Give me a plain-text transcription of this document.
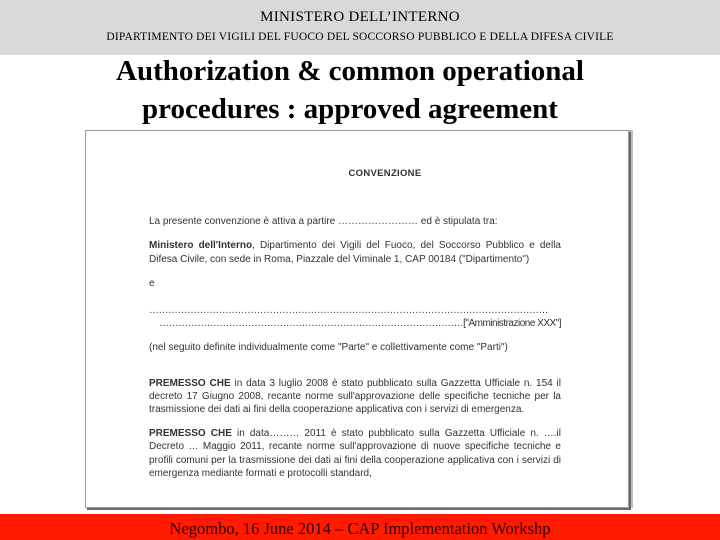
MINISTERO DELL’INTERNO
DIPARTIMENTO DEI VIGILI DEL FUOCO DEL SOCCORSO PUBBLICO E DELLA DIFESA CIVILE
Authorization & common operational
procedures : approved agreement
CONVENZIONE

La presente convenzione è attiva a partire …………………… ed è stipulata tra:

Ministero dell'Interno, Dipartimento dei Vigili del Fuoco, del Soccorso Pubblico e della Difesa Civile, con sede in Roma, Piazzale del Viminale 1, CAP 00184 ("Dipartimento")

e

………………………………………………………………………………………………………………

……………………………………………………………………………………["Amministrazione XXX"]

(nel seguito definite individualmente come "Parte" e collettivamente come "Parti")

PREMESSO CHE in data 3 luglio 2008 è stato pubblicato sulla Gazzetta Ufficiale n. 154 il decreto 17 Giugno 2008, recante norme sull'approvazione delle specifiche tecniche per la trasmissione dei dati ai fini della cooperazione applicativa con i servizi di emergenza.

PREMESSO CHE in data……… 2011 è stato pubblicato sulla Gazzetta Ufficiale n. ….il Decreto … Maggio 2011, recante norme sull'approvazione di nuove specifiche tecniche e profili comuni per la trasmissione dei dati ai fini della cooperazione applicativa con i servizi di emergenza mediante formati e protocolli standard,

Negombo, 16 June 2014 – CAP Implementation Workshp
